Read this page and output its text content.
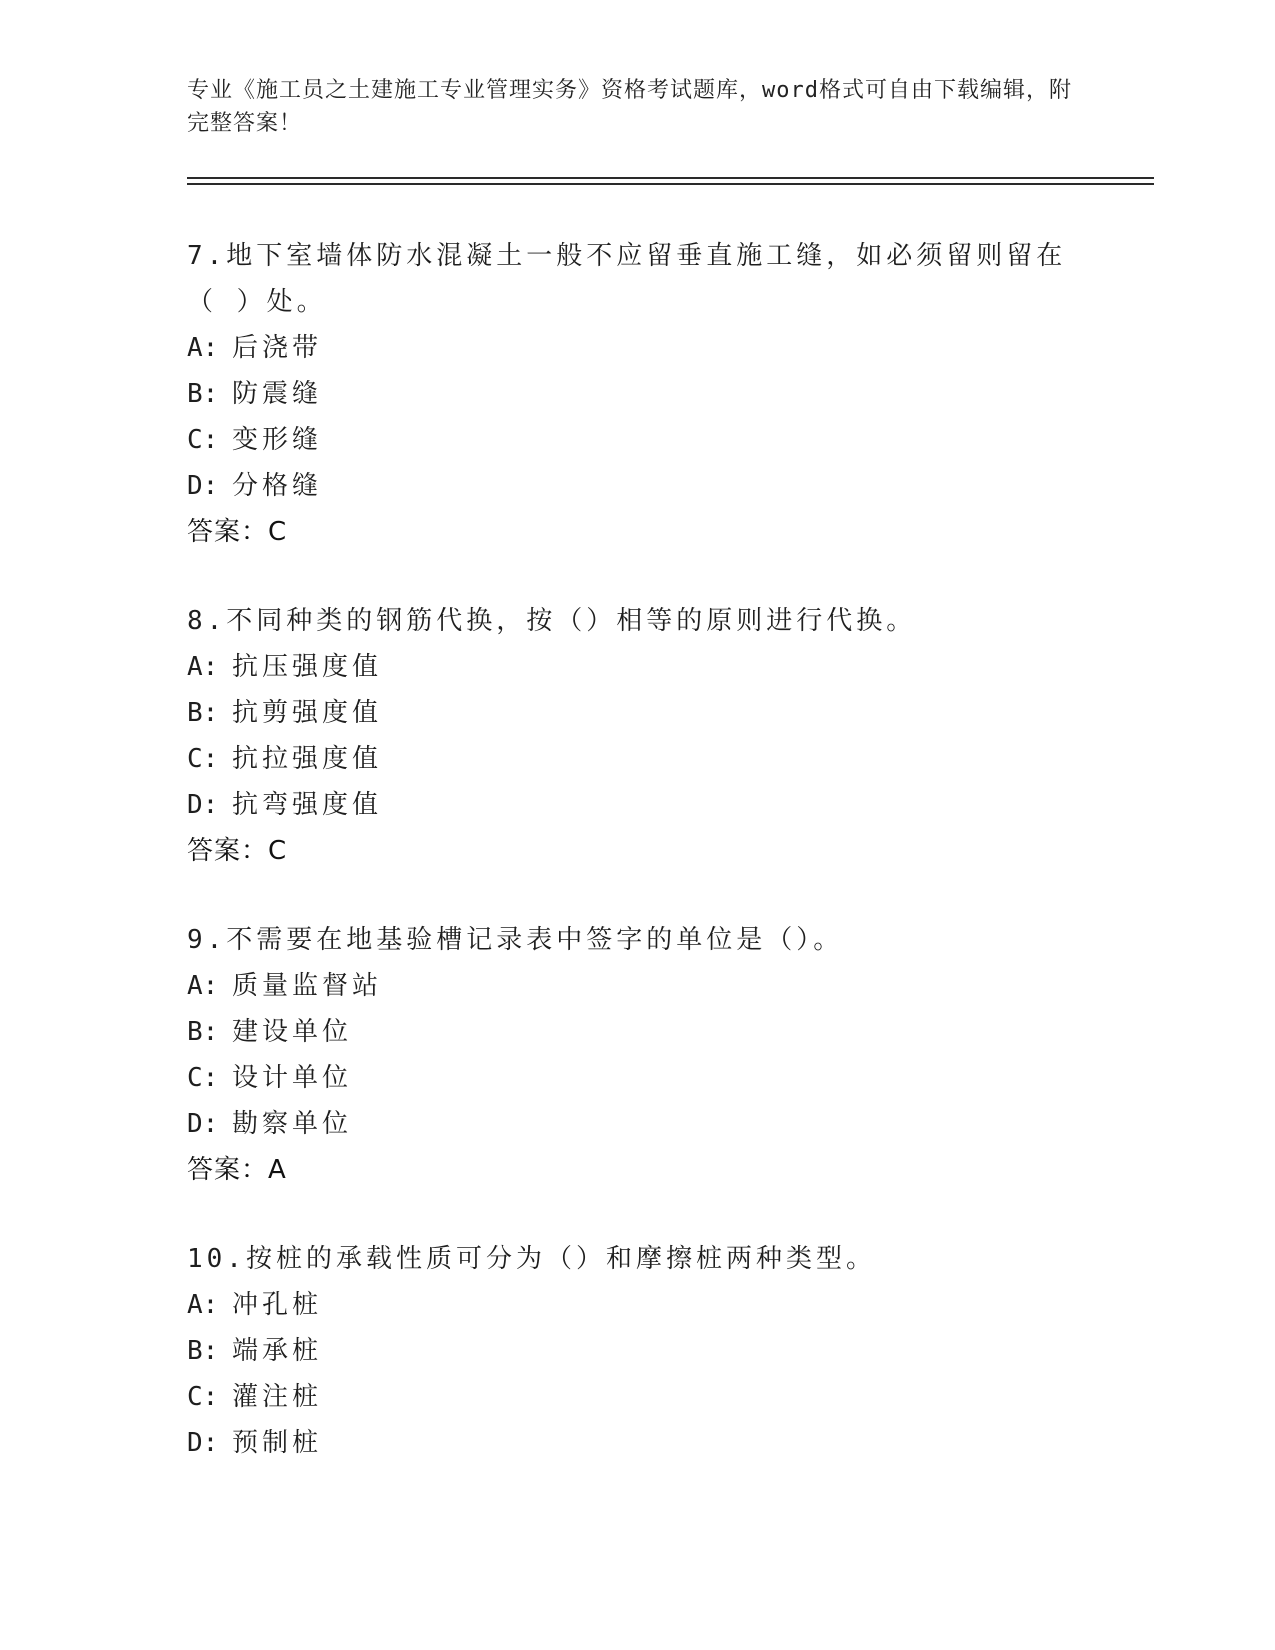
专业《施工员之土建施工专业管理实务》资格考试题库，word格式可自由下载编辑，附完整答案！

7.地下室墙体防水混凝土一般不应留垂直施工缝，如必须留则留在（ ）处。

A: 后浇带
B: 防震缝
C: 变形缝
D: 分格缝
答案：C

8.不同种类的钢筋代换，按（）相等的原则进行代换。

A: 抗压强度值
B: 抗剪强度值
C: 抗拉强度值
D: 抗弯强度值
答案：C

9.不需要在地基验槽记录表中签字的单位是（）。

A: 质量监督站
B: 建设单位
C: 设计单位
D: 勘察单位
答案：A

10.按桩的承载性质可分为（）和摩擦桩两种类型。

A: 冲孔桩
B: 端承桩
C: 灌注桩
D: 预制桩
